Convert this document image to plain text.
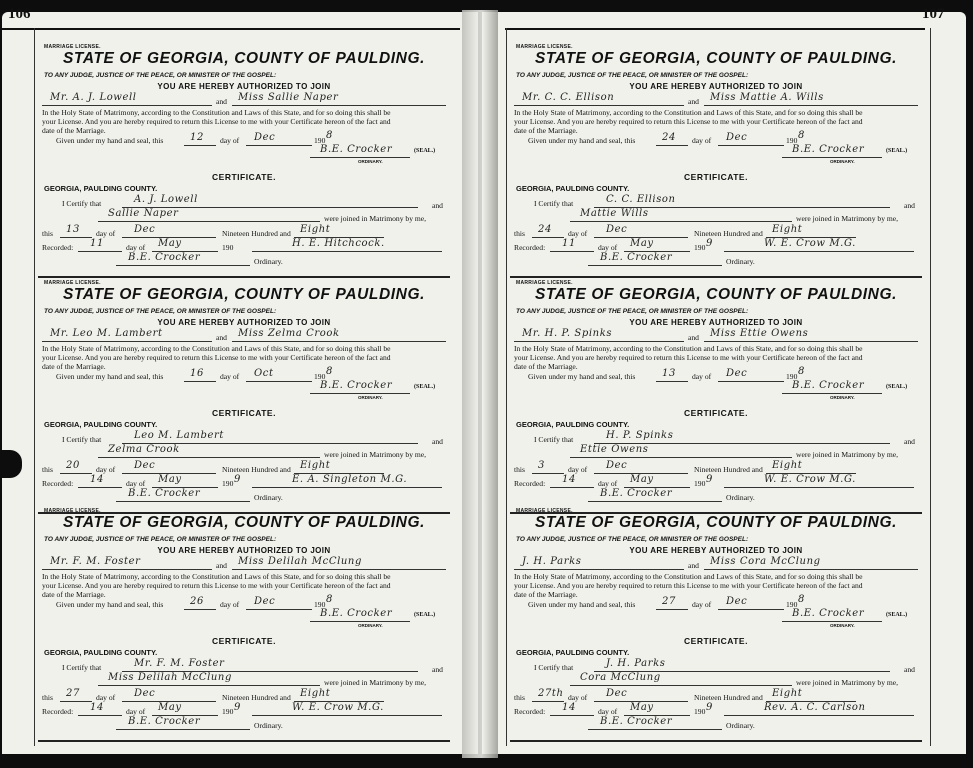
106	107
MARRIAGE LICENSE.
STATE OF GEORGIA, COUNTY OF PAULDING.
TO ANY JUDGE, JUSTICE OF THE PEACE, OR MINISTER OF THE GOSPEL:
YOU ARE HEREBY AUTHORIZED TO JOIN
Mr. A. J. Lowell	and Miss Sallie Naper
In the Holy State of Matrimony, according to the Constitution and Laws of this State, and for so doing this shall be
your License. And you are hereby required to return this License to me with your Certificate hereon of the fact and
date of the Marriage.
Given under my hand and seal, this	12 day of Dec	190 8
B.E. Crocker
ORDINARY.
(SEAL.)
CERTIFICATE.
GEORGIA, PAULDING COUNTY.
I Certify that	A. J. Lowell
and
Sallie Naper	were joined in Matrimony by me,
this 13 day of Dec	Nineteen Hundred and Eight
Recorded: 11	day of May	190	H. E. Hitchcock.
B.E. Crocker	Ordinary.
MARRIAGE LICENSE.
STATE OF GEORGIA, COUNTY OF PAULDING.
TO ANY JUDGE, JUSTICE OF THE PEACE, OR MINISTER OF THE GOSPEL:
YOU ARE HEREBY AUTHORIZED TO JOIN
Mr. C. C. Ellison	and Miss Mattie A. Wills
In the Holy State of Matrimony, according to the Constitution and Laws of this State, and for so doing this shall be
your License. And you are hereby required to return this License to me with your Certificate hereon of the fact and
date of the Marriage.
Given under my hand and seal, this	24 day of Dec	190 8
B.E. Crocker
ORDINARY.
(SEAL.)
CERTIFICATE.
GEORGIA, PAULDING COUNTY.
I Certify that	C. C. Ellison
and
Mattie Wills	were joined in Matrimony by me,
this 24 day of Dec	Nineteen Hundred and Eight
Recorded: 11	day of May	190 9	W. E. Crow M.G.
B.E. Crocker	Ordinary.
MARRIAGE LICENSE.
STATE OF GEORGIA, COUNTY OF PAULDING.
TO ANY JUDGE, JUSTICE OF THE PEACE, OR MINISTER OF THE GOSPEL:
YOU ARE HEREBY AUTHORIZED TO JOIN
Mr. Leo M. Lambert	and Miss Zelma Crook
In the Holy State of Matrimony, according to the Constitution and Laws of this State, and for so doing this shall be
your License. And you are hereby required to return this License to me with your Certificate hereon of the fact and
date of the Marriage.
Given under my hand and seal, this	16 day of Oct	190 8
B.E. Crocker
ORDINARY.
(SEAL.)
CERTIFICATE.
GEORGIA, PAULDING COUNTY.
I Certify that	Leo M. Lambert
and
Zelma Crook	were joined in Matrimony by me,
this 20 day of Dec	Nineteen Hundred and Eight
Recorded: 14	day of May	190 9	E. A. Singleton M.G.
B.E. Crocker	Ordinary.
MARRIAGE LICENSE.
STATE OF GEORGIA, COUNTY OF PAULDING.
TO ANY JUDGE, JUSTICE OF THE PEACE, OR MINISTER OF THE GOSPEL:
YOU ARE HEREBY AUTHORIZED TO JOIN
Mr. H. P. Spinks	and Miss Ettie Owens
In the Holy State of Matrimony, according to the Constitution and Laws of this State, and for so doing this shall be
your License. And you are hereby required to return this License to me with your Certificate hereon of the fact and
date of the Marriage.
Given under my hand and seal, this	13 day of Dec	190 8
B.E. Crocker
ORDINARY.
(SEAL.)
CERTIFICATE.
GEORGIA, PAULDING COUNTY.
I Certify that	H. P. Spinks
and
Ettie Owens	were joined in Matrimony by me,
this 3	day of Dec	Nineteen Hundred and Eight
Recorded: 14	day of May	190 9	W. E. Crow M.G.
B.E. Crocker	Ordinary.
MARRIAGE LICENSE.
STATE OF GEORGIA, COUNTY OF PAULDING.
TO ANY JUDGE, JUSTICE OF THE PEACE, OR MINISTER OF THE GOSPEL:
YOU ARE HEREBY AUTHORIZED TO JOIN
Mr. F. M. Foster	and Miss Delilah McClung
In the Holy State of Matrimony, according to the Constitution and Laws of this State, and for so doing this shall be
your License. And you are hereby required to return this License to me with your Certificate hereon of the fact and
date of the Marriage.
Given under my hand and seal, this	26 day of Dec	190 8
B.E. Crocker
ORDINARY.
(SEAL.)
CERTIFICATE.
GEORGIA, PAULDING COUNTY.
I Certify that	Mr. F. M. Foster
and
Miss Delilah McClung	were joined in Matrimony by me,
this 27 day of Dec	Nineteen Hundred and Eight
Recorded: 14	day of May	190 9	W. E. Crow M.G.
B.E. Crocker	Ordinary.
MARRIAGE LICENSE.
STATE OF GEORGIA, COUNTY OF PAULDING.
TO ANY JUDGE, JUSTICE OF THE PEACE, OR MINISTER OF THE GOSPEL:
YOU ARE HEREBY AUTHORIZED TO JOIN
J. H. Parks	and Miss Cora McClung
In the Holy State of Matrimony, according to the Constitution and Laws of this State, and for so doing this shall be
your License. And you are hereby required to return this License to me with your Certificate hereon of the fact and
date of the Marriage.
Given under my hand and seal, this	27 day of Dec	190 8
B.E. Crocker
ORDINARY.
(SEAL.)
CERTIFICATE.
GEORGIA, PAULDING COUNTY.
I Certify that	J. H. Parks
and
Cora McClung	were joined in Matrimony by me,
this 27th day of Dec	Nineteen Hundred and Eight
Recorded: 14	day of May	190 9	Rev. A. C. Carlson
B.E. Crocker	Ordinary.
